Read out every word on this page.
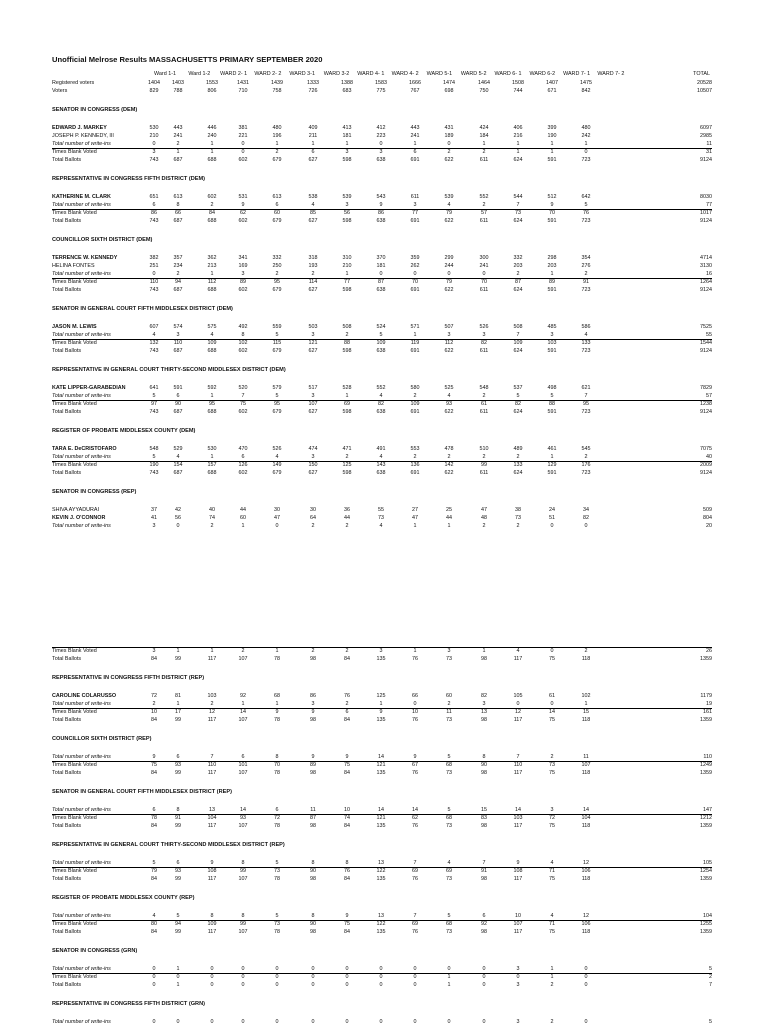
Unofficial Melrose Results MASSACHUSETTS PRIMARY SEPTEMBER 2020
Ward 1-1	Ward 1-2	WARD 2- 1	WARD 2- 2	WARD 3-1	WARD 3-2	WARD 4- 1	WARD 4- 2	WARD 5-1	WARD 5-2	WARD 6- 1	WARD 6-2	WARD 7- 1	WARD 7- 2	TOTAL
Registered voters	1404	1403	1553	1431	1439	1333	1388	1583	1666	1474	1464	1508	1407	1475	20528
Voters	829	788	806	710	758	726	683	775	767	698	750	744	671	842	10507
SENATOR IN CONGRESS (DEM)
EDWARD J. MARKEY	530	443	446	381	480	409	413	412	443	431	424	406	399	480	6097
JOSEPH P. KENNEDY, III	210	241	240	221	196	211	181	223	241	189	184	216	190	242	2985
Total number of write-ins	0	2	1	0	1	1	1	0	1	0	1	1	1	1	11
Times Blank Voted	3	1	1	0	2	6	3	3	6	2	2	1	1	0	31
Total Ballots	743	687	688	602	679	627	598	638	691	622	611	624	591	723	9124
REPRESENTATIVE IN CONGRESS FIFTH DISTRICT (DEM)
KATHERINE M. CLARK	651	613	602	531	613	538	539	543	611	539	552	544	512	642	8030
Total number of write-ins	6	8	2	9	6	4	3	9	3	4	2	7	9	5	77
Times Blank Voted	86	66	84	62	60	85	56	86	77	79	57	73	70	76	1017
Total Ballots	743	687	688	602	679	627	598	638	691	622	611	624	591	723	9124
COUNCILLOR SIXTH DISTRICT (DEM)
TERRENCE W. KENNEDY	382	357	362	341	332	318	310	370	359	299	300	332	298	354	4714
HELINA FONTES	251	234	213	169	250	193	210	181	262	244	241	203	203	276	3130
Total number of write-ins	0	2	1	3	2	2	1	0	0	0	0	2	1	2	16
Times Blank Voted	110	94	112	89	95	114	77	87	70	79	70	87	89	91	1264
Total Ballots	743	687	688	602	679	627	598	638	691	622	611	624	591	723	9124
SENATOR IN GENERAL COURT FIFTH MIDDLESEX DISTRICT (DEM)
JASON M. LEWIS	607	574	575	492	559	503	508	524	571	507	526	508	485	586	7525
Total number of write-ins	4	3	4	8	5	3	2	5	1	3	3	7	3	4	55
Times Blank Voted	132	110	109	102	115	121	88	109	119	112	82	109	103	133	1544
Total Ballots	743	687	688	602	679	627	598	638	691	622	611	624	591	723	9124
REPRESENTATIVE IN GENERAL COURT THIRTY-SECOND MIDDLESEX DISTRICT (DEM)
KATE LIPPER-GARABEDIAN	641	591	592	520	579	517	528	552	580	525	548	537	498	621	7829
Total number of write-ins	5	6	1	7	5	3	1	4	2	4	2	5	5	7	57
Times Blank Voted	97	90	95	75	95	107	69	82	109	93	61	82	88	95	1238
Total Ballots	743	687	688	602	679	627	598	638	691	622	611	624	591	723	9124
REGISTER OF PROBATE MIDDLESEX COUNTY (DEM)
TARA E. DeCRISTOFARO	548	529	530	470	526	474	471	491	553	478	510	489	461	545	7075
Total number of write-ins	5	4	1	6	4	3	2	4	2	2	2	2	1	2	40
Times Blank Voted	190	154	157	126	149	150	125	143	136	142	99	133	129	176	2009
Total Ballots	743	687	688	602	679	627	598	638	691	622	611	624	591	723	9124
SENATOR IN CONGRESS (REP)
SHIVA AYYADURAI	37	42	40	44	30	30	36	55	27	25	47	38	24	34	509
KEVIN J. O'CONNOR	41	56	74	60	47	64	44	73	47	44	48	73	51	82	804
Total number of write-ins	3	0	2	1	0	2	2	4	1	1	2	2	0	0	20
Times Blank Voted	3	1	1	2	1	2	2	3	1	3	1	4	0	2	26
Total Ballots	84	99	117	107	78	98	84	135	76	73	98	117	75	118	1359
REPRESENTATIVE IN CONGRESS FIFTH DISTRICT (REP)
CAROLINE COLARUSSO	72	81	103	92	68	86	76	125	66	60	82	105	61	102	1179
Total number of write-ins	2	1	2	1	1	3	2	1	0	2	3	0	0	1	19
Times Blank Voted	10	17	12	14	9	9	6	9	10	11	13	12	14	15	161
Total Ballots	84	99	117	107	78	98	84	135	76	73	98	117	75	118	1359
COUNCILLOR SIXTH DISTRICT (REP)
Total number of write-ins	9	6	7	6	8	9	9	14	9	5	8	7	2	11	110
Times Blank Voted	75	93	110	101	70	89	75	121	67	68	90	110	73	107	1249
Total Ballots	84	99	117	107	78	98	84	135	76	73	98	117	75	118	1359
SENATOR IN GENERAL COURT FIFTH MIDDLESEX DISTRICT (REP)
Total number of write-ins	6	8	13	14	6	11	10	14	14	5	15	14	3	14	147
Times Blank Voted	78	91	104	93	72	87	74	121	62	68	83	103	72	104	1212
Total Ballots	84	99	117	107	78	98	84	135	76	73	98	117	75	118	1359
REPRESENTATIVE IN GENERAL COURT THIRTY-SECOND MIDDLESEX DISTRICT (REP)
Total number of write-ins	5	6	9	8	5	8	8	13	7	4	7	9	4	12	105
Times Blank Voted	79	93	108	99	73	90	76	122	69	69	91	108	71	106	1254
Total Ballots	84	99	117	107	78	98	84	135	76	73	98	117	75	118	1359
REGISTER OF PROBATE MIDDLESEX COUNTY (REP)
Total number of write-ins	4	5	8	8	5	8	9	13	7	5	6	10	4	12	104
Times Blank Voted	80	94	109	99	73	90	75	122	69	68	92	107	71	106	1255
Total Ballots	84	99	117	107	78	98	84	135	76	73	98	117	75	118	1359
SENATOR IN CONGRESS (GRN)
Total number of write-ins	0	1	0	0	0	0	0	0	0	0	0	3	1	0	5
Times Blank Voted	0	0	0	0	0	0	0	0	0	1	0	0	1	0	2
Total Ballots	0	1	0	0	0	0	0	0	0	1	0	3	2	0	7
REPRESENTATIVE IN CONGRESS FIFTH DISTRICT (GRN)
Total number of write-ins	0	0	0	0	0	0	0	0	0	0	0	3	2	0	5
